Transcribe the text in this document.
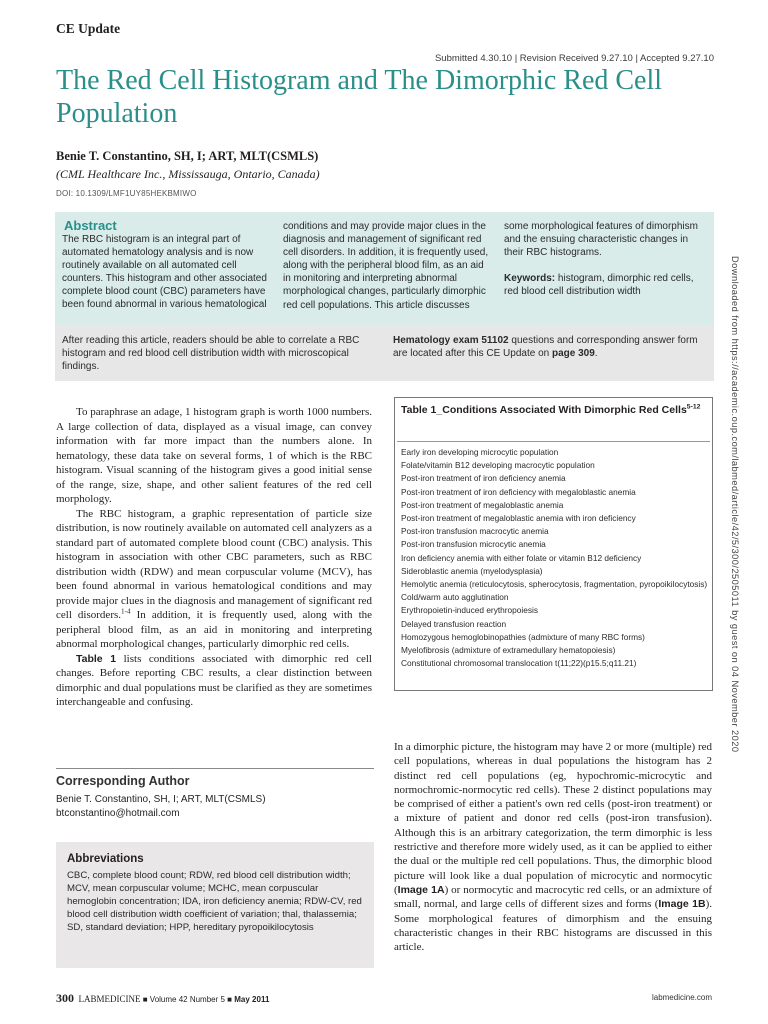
CE Update
Submitted 4.30.10 | Revision Received 9.27.10 | Accepted 9.27.10
The Red Cell Histogram and The Dimorphic Red Cell Population
Benie T. Constantino, SH, I; ART, MLT(CSMLS)
(CML Healthcare Inc., Mississauga, Ontario, Canada)
DOI: 10.1309/LMF1UY85HEKBMIWO
Abstract
The RBC histogram is an integral part of automated hematology analysis and is now routinely available on all automated cell counters. This histogram and other associated complete blood count (CBC) parameters have been found abnormal in various hematological
conditions and may provide major clues in the diagnosis and management of significant red cell disorders. In addition, it is frequently used, along with the peripheral blood film, as an aid in monitoring and interpreting abnormal morphological changes, particularly dimorphic red cell populations. This article discusses
some morphological features of dimorphism and the ensuing characteristic changes in their RBC histograms.
Keywords: histogram, dimorphic red cells, red blood cell distribution width
After reading this article, readers should be able to correlate a RBC histogram and red blood cell distribution width with microscopical findings.
Hematology exam 51102 questions and corresponding answer form are located after this CE Update on page 309.

To paraphrase an adage, 1 histogram graph is worth 1000 numbers. A large collection of data, displayed as a visual image, can convey information with far more impact than the numbers alone. In hematology, these data take on several forms, 1 of which is the RBC histogram. Visual scanning of the histogram gives a good initial sense of the range, size, shape, and other salient features of the red cell morphology.

The RBC histogram, a graphic representation of particle size distribution, is now routinely available on automated cell analyzers as a standard part of automated complete blood count (CBC) analysis. This histogram in association with other CBC parameters, such as RBC distribution width (RDW) and mean corpuscular volume (MCV), has been found abnormal in various hematological conditions and may provide major clues in the diagnosis and management of significant red cell disorders.$^{1-4}$ In addition, it is frequently used, along with the peripheral blood film, as an aid in monitoring and interpreting abnormal morphological changes, particularly dimorphic red cells.

Table 1 lists conditions associated with dimorphic red cell changes. Before reporting CBC results, a clear distinction between dimorphic and dual populations must be clarified as they are sometimes interchangeable and confusing.

Table 1_Conditions Associated With Dimorphic Red Cells$^{5-12}$
Early iron developing microcytic population
Folate/vitamin B12 developing macrocytic population
Post-iron treatment of iron deficiency anemia
Post-iron treatment of iron deficiency with megaloblastic anemia
Post-iron treatment of megaloblastic anemia
Post-iron treatment of megaloblastic anemia with iron deficiency
Post-iron transfusion macrocytic anemia
Post-iron transfusion microcytic anemia
Iron deficiency anemia with either folate or vitamin B12 deficiency
Sideroblastic anemia (myelodysplasia)
Hemolytic anemia (reticulocytosis, spherocytosis, fragmentation, pyropoikilocytosis)
Cold/warm auto agglutination
Erythropoietin-induced erythropoiesis
Delayed transfusion reaction
Homozygous hemoglobinopathies (admixture of many RBC forms)
Myelofibrosis (admixture of extramedullary hematopoiesis)
Constitutional chromosomal translocation t(11;22)(p15.5;q11.21)

In a dimorphic picture, the histogram may have 2 or more (multiple) red cell populations, whereas in dual populations the histogram has 2 distinct red cell populations (eg, hypochromic-microcytic and normochromic-normocytic red cells). These 2 distinct populations may be comprised of either a patient's own red cells (post-iron treatment) or a mixture of patient and donor red cells (post-iron transfusion). Although this is an arbitrary categorization, the term dimorphic is less restrictive and therefore more widely used, as it can be applied to either the dual or the multiple red cell populations. Thus, the dimorphic blood picture will look like a dual population of microcytic and normocytic (Image 1A) or normocytic and macrocytic red cells, or an admixture of small, normal, and large cells of different sizes and forms (Image 1B). Some morphological features of dimorphism and the ensuing characteristic changes in their RBC histograms are discussed in this article.

Corresponding Author
Benie T. Constantino, SH, I; ART, MLT(CSMLS)
btconstantino@hotmail.com
Abbreviations
CBC, complete blood count; RDW, red blood cell distribution width; MCV, mean corpuscular volume; MCHC, mean corpuscular hemoglobin concentration; IDA, iron deficiency anemia; RDW-CV, red blood cell distribution width coefficient of variation; thal, thalassemia; SD, standard deviation; HPP, hereditary pyropoikilocytosis
300 LABMEDICINE ■ Volume 42 Number 5 ■ May 2011	labmedicine.com
Downloaded from https://academic.oup.com/labmed/article/42/5/300/2505011 by guest on 04 November 2020
